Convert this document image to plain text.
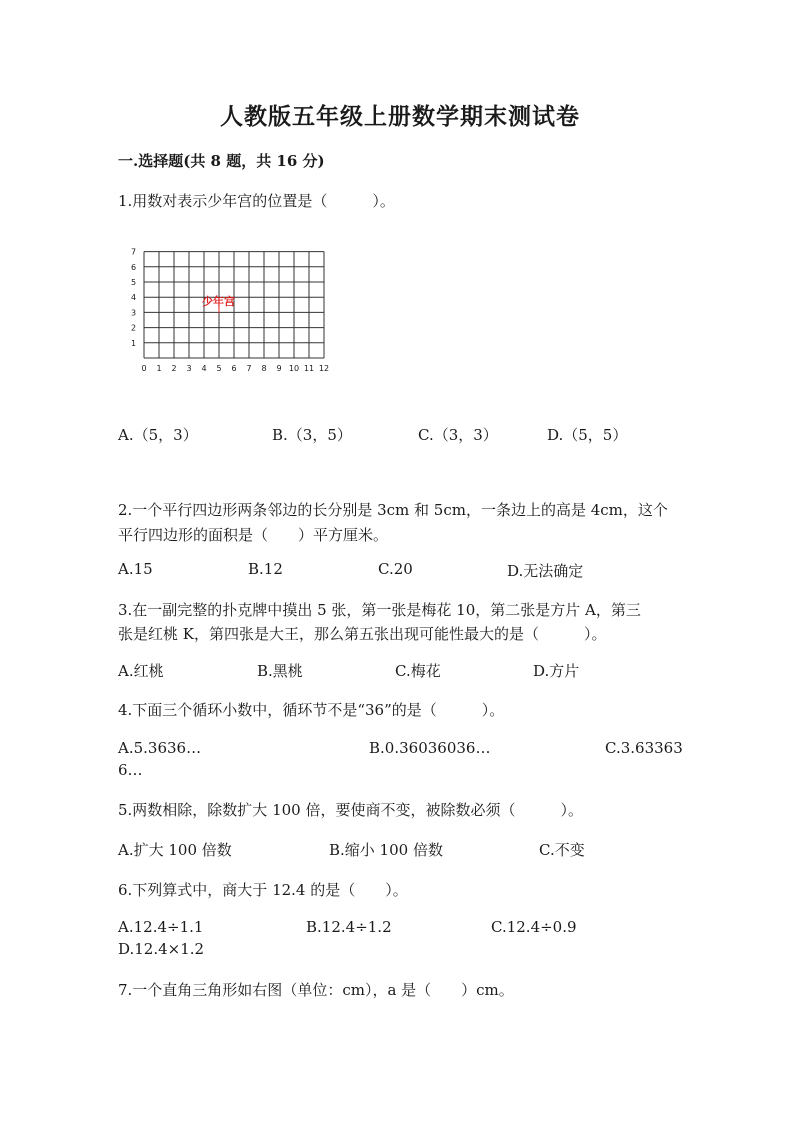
人教版五年级上册数学期末测试卷
一.选择题(共 8 题，共 16 分)
1.用数对表示少年宫的位置是（　　　）。
1
2
3
4
5
6
7
0 1 2 3 4 5 6 7 8 9 10 11 12
少年宫
A.（5，3）	B.（3，5）	C.（3，3）	D.（5，5）
2.一个平行四边形两条邻边的长分别是 3cm 和 5cm，一条边上的高是 4cm，这个
平行四边形的面积是（　　）平方厘米。
A.15	B.12	C.20	D.无法确定
3.在一副完整的扑克牌中摸出 5 张，第一张是梅花 10，第二张是方片 A，第三
张是红桃 K，第四张是大王，那么第五张出现可能性最大的是（　　　）。
A.红桃	B.黑桃	C.梅花	D.方片
4.下面三个循环小数中，循环节不是“36”的是（　　　）。
A.5.3636…	B.0.36036036…	C.3.63363
6…
5.两数相除，除数扩大 100 倍，要使商不变，被除数必须（　　　）。
A.扩大 100 倍数	B.缩小 100 倍数	C.不变
6.下列算式中，商大于 12.4 的是（　　）。
A.12.4÷1.1	B.12.4÷1.2	C.12.4÷0.9
D.12.4×1.2
7.一个直角三角形如右图（单位：cm），a 是（　　）cm。
